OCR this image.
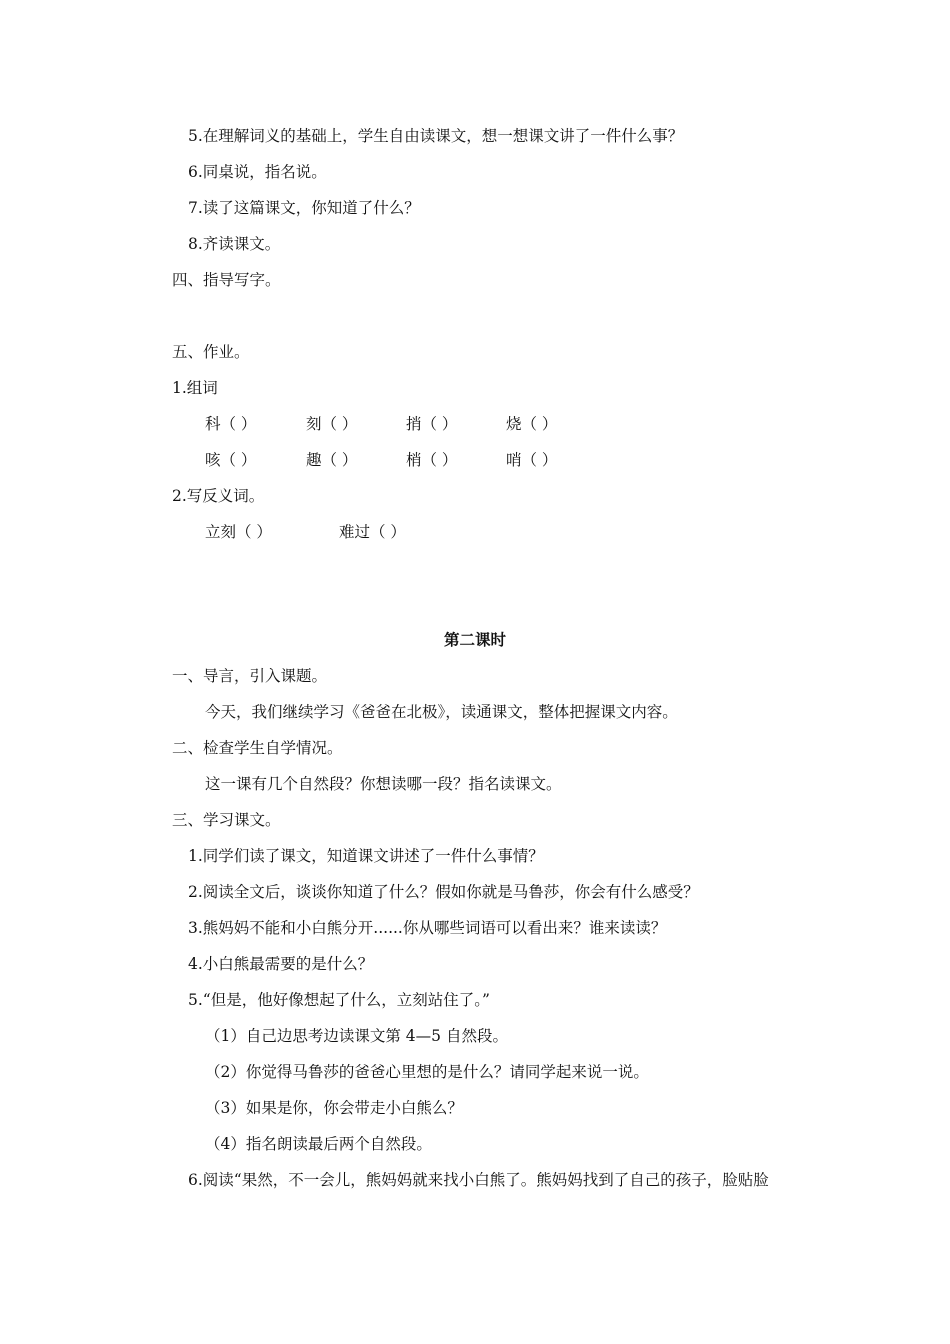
5.在理解词义的基础上，学生自由读课文，想一想课文讲了一件什么事？
6.同桌说，指名说。
7.读了这篇课文，你知道了什么？
8.齐读课文。
四、指导写字。
五、作业。
1.组词
科（ ）	刻（ ）	捎（ ）	烧（ ）
咳（ ）	趣（ ）	梢（ ）	哨（ ）
2.写反义词。
立刻（ ）	难过（ ）
第二课时
一、导言，引入课题。
今天，我们继续学习《爸爸在北极》，读通课文，整体把握课文内容。
二、检查学生自学情况。
这一课有几个自然段？你想读哪一段？指名读课文。
三、学习课文。
1.同学们读了课文，知道课文讲述了一件什么事情？
2.阅读全文后，谈谈你知道了什么？假如你就是马鲁莎，你会有什么感受？
3.熊妈妈不能和小白熊分开......你从哪些词语可以看出来？谁来读读？
4.小白熊最需要的是什么？
5.“但是，他好像想起了什么，立刻站住了。”
（1）自己边思考边读课文第 4—5 自然段。
（2）你觉得马鲁莎的爸爸心里想的是什么？请同学起来说一说。
（3）如果是你，你会带走小白熊么？
（4）指名朗读最后两个自然段。
6.阅读“果然，不一会儿，熊妈妈就来找小白熊了。熊妈妈找到了自己的孩子，脸贴脸
